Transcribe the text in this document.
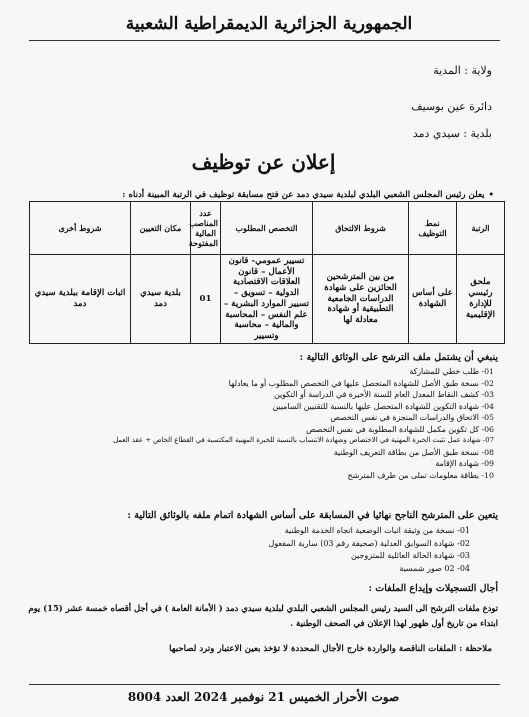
الجمهورية الجزائرية الديمقراطية الشعبية
ولاية : المدية
دائرة عين بوسيف
بلدية : سيدي دمد
إعلان عن توظيف
•يعلن رئيس المجلس الشعبي البلدي لبلدية سيدي دمد عن فتح مسابقة توظيف في الرتبة المبينة أدناه :
الرتبة	نمط التوظيف	شروط الالتحاق	التخصص المطلوب	عدد المناصب المالية المفتوحة	مكان التعيين	شروط أخرى
ملحق رئيسي للإدارة الإقليمية	على أساس الشهادة	من بين المترشحين الحائزين على شهادة الدراسات الجامعية التطبيقية أو شهادة معادلة لها	تسيير عمومي- قانون الأعمال – قانون العلاقات الاقتصادية الدولية – تسويق – تسيير الموارد البشرية – علم النفس – المحاسبة والمالية – محاسبة وتسيير	01	بلدية سيدي دمد	اثبات الإقامة ببلدية سيدي دمد
ينبغي أن يشتمل ملف الترشح على الوثائق التالية :
01- طلب خطي للمشاركة
02- نسخة طبق الأصل للشهادة المتحصل عليها في التخصص المطلوب أو ما يعادلها
03- كشف النقاط المعدل العام للسنة الأخيرة في الدراسة أو التكوين
04- شهادة التكوين للشهادة المتحصل عليها بالنسبة للتقنيين الساميين
05- الاتحاق والدراسات المنجزة في نفس التخصص
06- كل تكوين مكمل للشهادة المطلوبة في نفس التخصص
07- شهادة عمل تثبت الخبرة المهنية في الاختصاص وشهادة الانتساب بالنسبة للخبرة المهنية المكتسبة في القطاع الخاص + عقد العمل
08- نسخة طبق الأصل من بطاقة التعريف الوطنية
09- شهادة الإقامة
10- بطاقة معلومات تملى من طرف المترشح
يتعين على المترشح الناجح نهائيا في المسابقة على أساس الشهادة اتمام ملفه بالوثائق التالية :
01- نسخة من وثيقة اثبات الوضعية اتجاه الخدمة الوطنية
02- شهادة السوابق العدلية (صحيفة رقم 03) سارية المفعول
03- شهادة الحالة العائلية للمتزوجين
04- 02 صور شمسية
أجال التسجيلات وإيداع الملفات :
تودع ملفات الترشح الى السيد رئيس المجلس الشعبي البلدي لبلدية سيدي دمد ( الأمانة العامة ) في أجل أقصاه خمسة عشر (15) يوم ابتداء من تاريخ أول ظهور لهذا الإعلان في الصحف الوطنية .
ملاحظة : الملفات الناقصة والواردة خارج الأجال المحددة لا تؤخذ بعين الاعتبار وترد لصاحبها
صوت الأحرار الخميس 21 نوفمبر 2024 العدد 8004
